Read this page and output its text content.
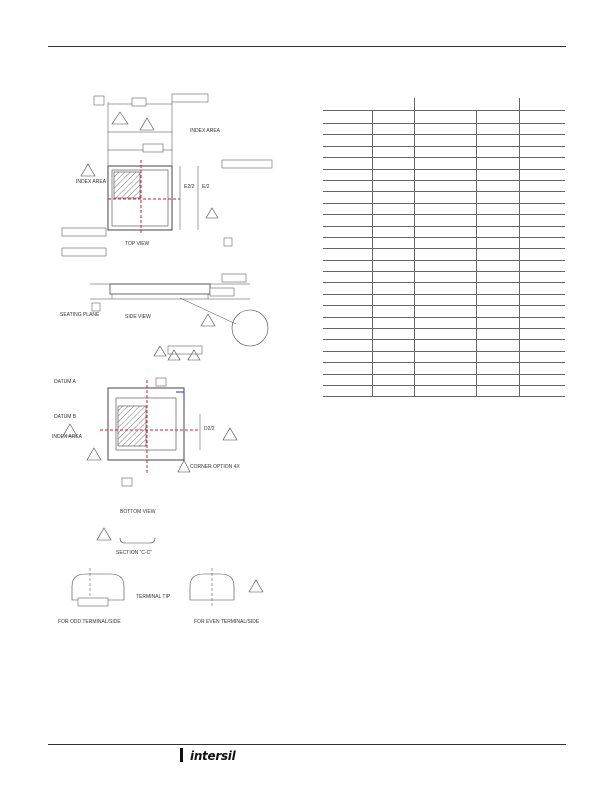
INDEX AREA
INDEX AREA
E2/2 E/2
TOP VIEW
SEATING PLANE	SIDE VIEW
DATUM A
DATUM B
INDEX AREA
CORNER OPTION 4X
D2/2
BOTTOM VIEW
SECTION "C-C"
TERMINAL TIP
FOR ODD TERMINAL/SIDE	FOR EVEN TERMINAL/SIDE

intersil
